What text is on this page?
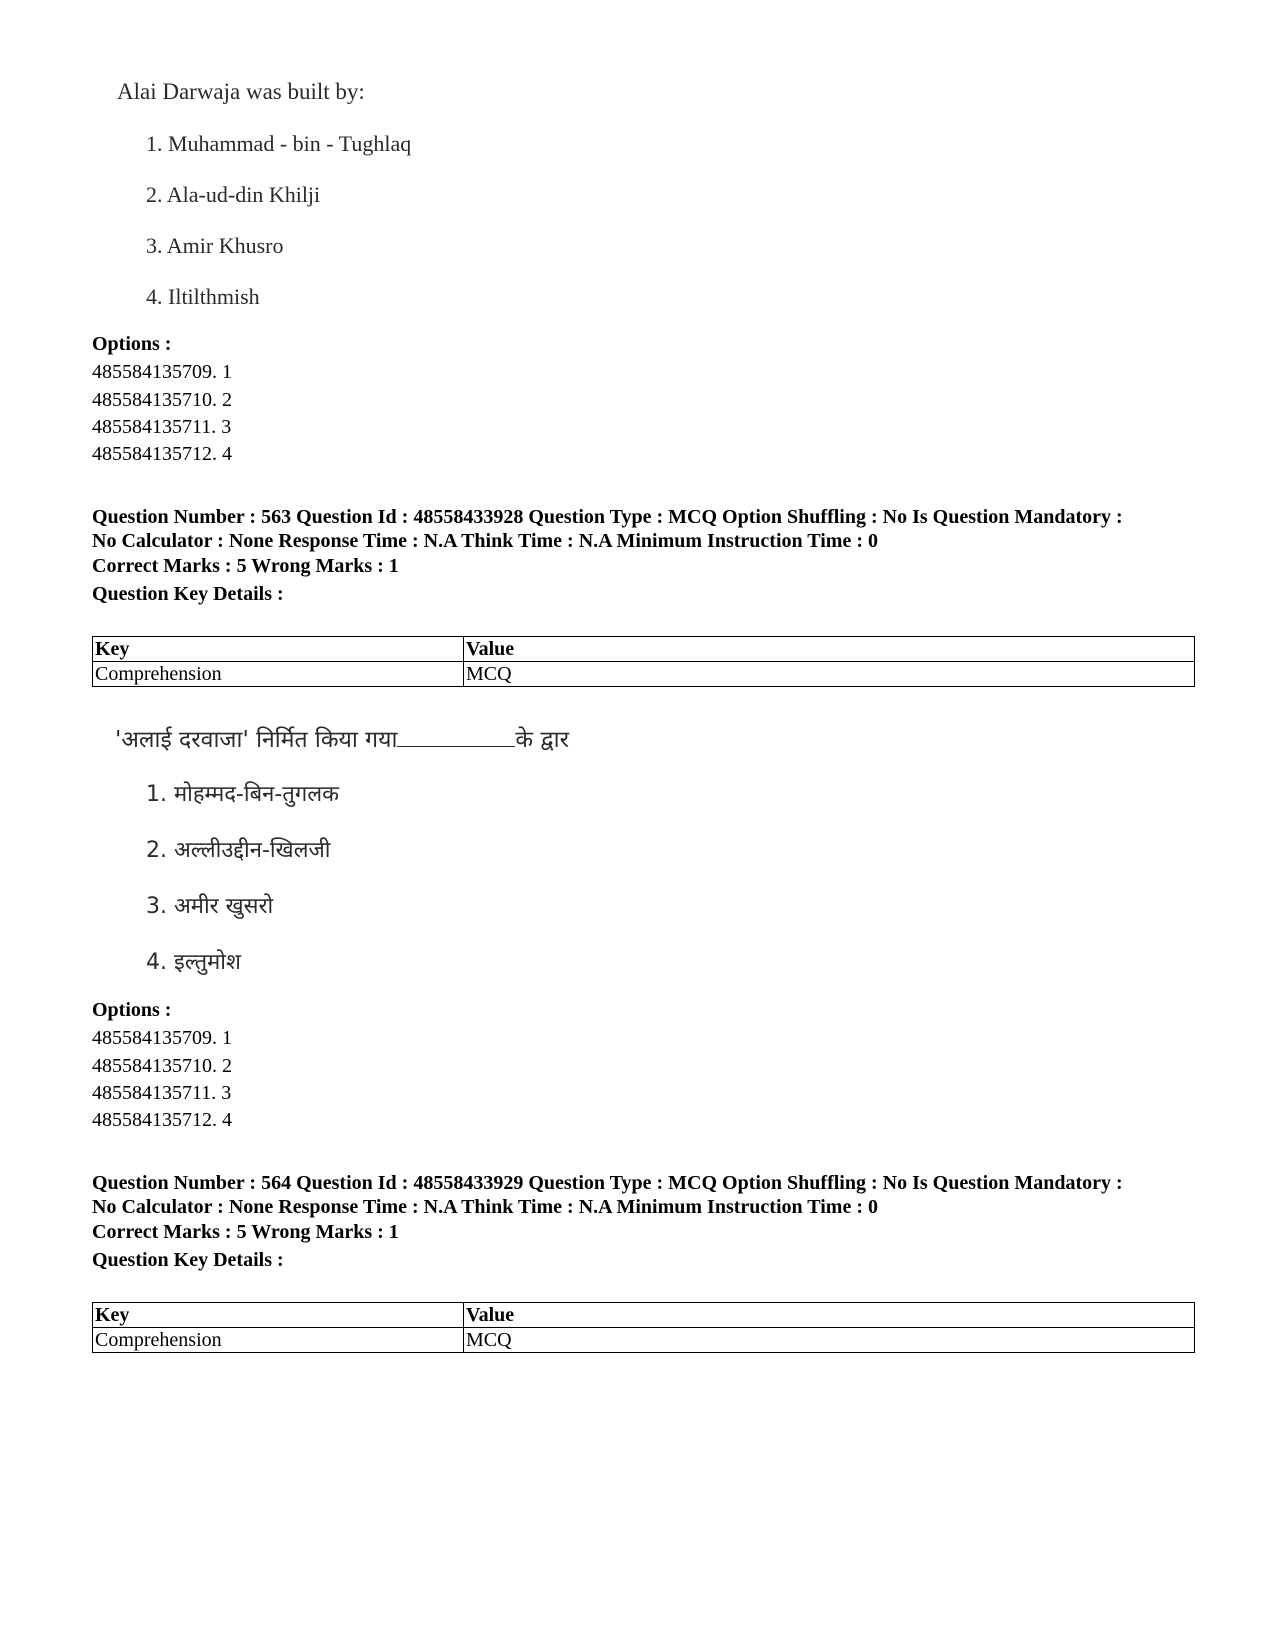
Alai Darwaja was built by:
1. Muhammad - bin - Tughlaq
2. Ala-ud-din Khilji
3. Amir Khusro
4. Iltilthmish
Options :
485584135709. 1
485584135710. 2
485584135711. 3
485584135712. 4
Question Number : 563 Question Id : 48558433928 Question Type : MCQ Option Shuffling : No Is Question Mandatory :
No Calculator : None Response Time : N.A Think Time : N.A Minimum Instruction Time : 0
Correct Marks : 5 Wrong Marks : 1
Question Key Details :
Key	Value
Comprehension	MCQ
'अलाई दरवाजा' निर्मित किया गया	के द्वार
1. मोहम्मद-बिन-तुगलक
2. अल्लीउद्दीन-खिलजी
3. अमीर खुसरो
4. इल्तुमोश
Options :
485584135709. 1
485584135710. 2
485584135711. 3
485584135712. 4
Question Number : 564 Question Id : 48558433929 Question Type : MCQ Option Shuffling : No Is Question Mandatory :
No Calculator : None Response Time : N.A Think Time : N.A Minimum Instruction Time : 0
Correct Marks : 5 Wrong Marks : 1
Question Key Details :
Key	Value
Comprehension	MCQ
